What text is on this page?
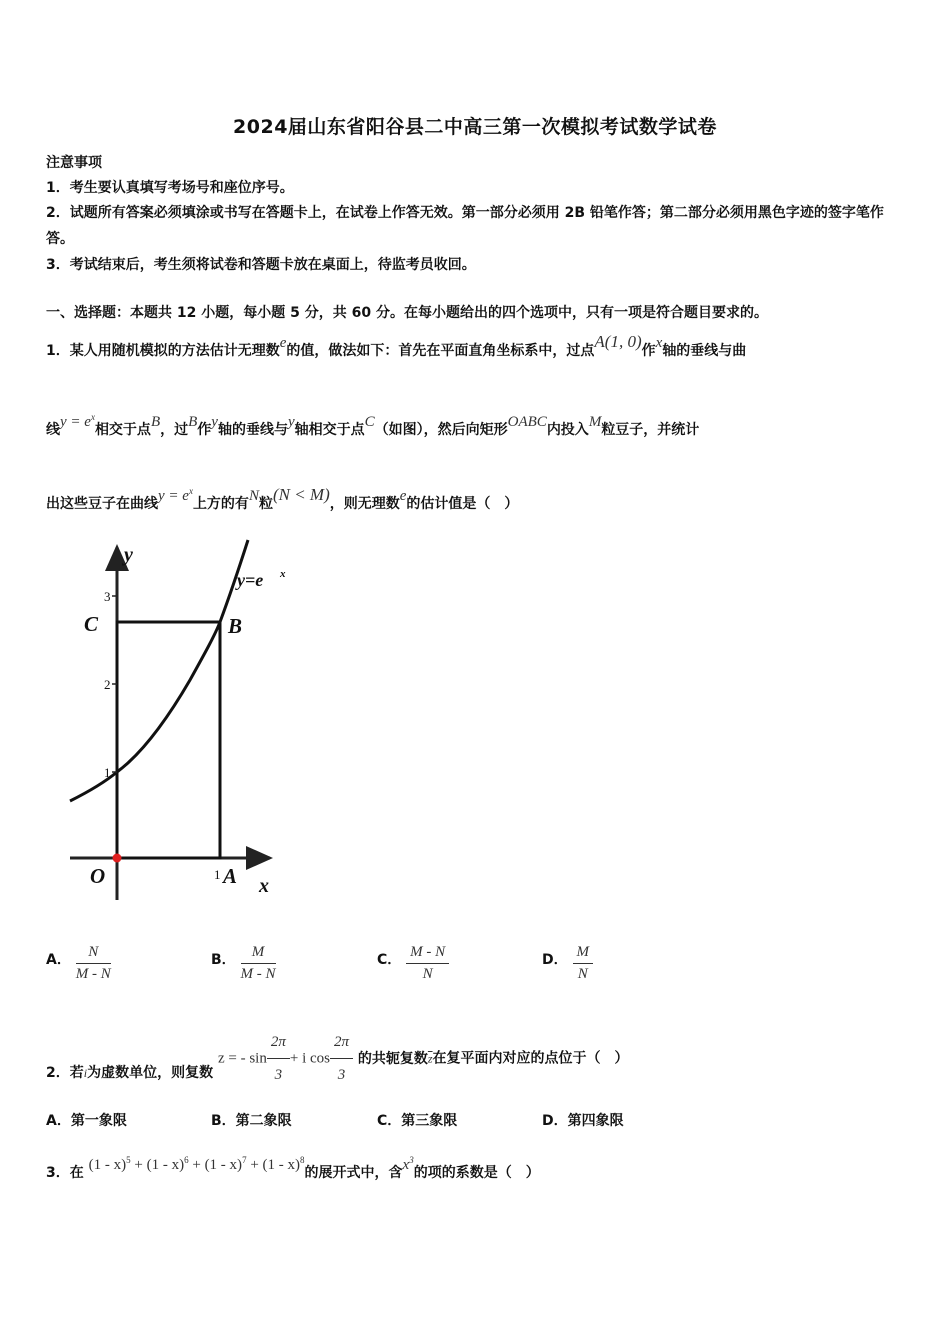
2024届山东省阳谷县二中高三第一次模拟考试数学试卷
注意事项
1．考生要认真填写考场号和座位序号。
2．试题所有答案必须填涂或书写在答题卡上，在试卷上作答无效。第一部分必须用 2B 铅笔作答；第二部分必须用黑色字迹的签字笔作答。
3．考试结束后，考生须将试卷和答题卡放在桌面上，待监考员收回。
一、选择题：本题共 12 小题，每小题 5 分，共 60 分。在每小题给出的四个选项中，只有一项是符合题目要求的。
1．某人用随机模拟的方法估计无理数e的值，做法如下：首先在平面直角坐标系中，过点A(1, 0)作x轴的垂线与曲
线$y = e^x$相交于点B，过B作y轴的垂线与y轴相交于点C（如图），然后向矩形OABC内投入M粒豆子，并统计
出这些豆子在曲线$y = e^x$上方的有N粒(N < M)，则无理数e的估计值是（　）
y
x
y=e x
C	B
O	A
1
1
2
3
A． $\frac{N}{M - N}$	B． $\frac{M}{M - N}$	C． $\frac{M - N}{N}$	D． $\frac{M}{N}$
2．若i为虚数单位，则复数 z = - $\sin \frac{2\pi}{3} + i$ $\cos \frac{2\pi}{3}$ 的共轭复数$\overline{z}$在复平面内对应的点位于（　）
A．第一象限	B．第二象限	C．第三象限	D．第四象限
3．在 (1 - x)$^5$ + (1 - x)$^6$ + (1 - x)$^7$ + (1 - x)$^8$的展开式中，含$x^3$的项的系数是（　）
